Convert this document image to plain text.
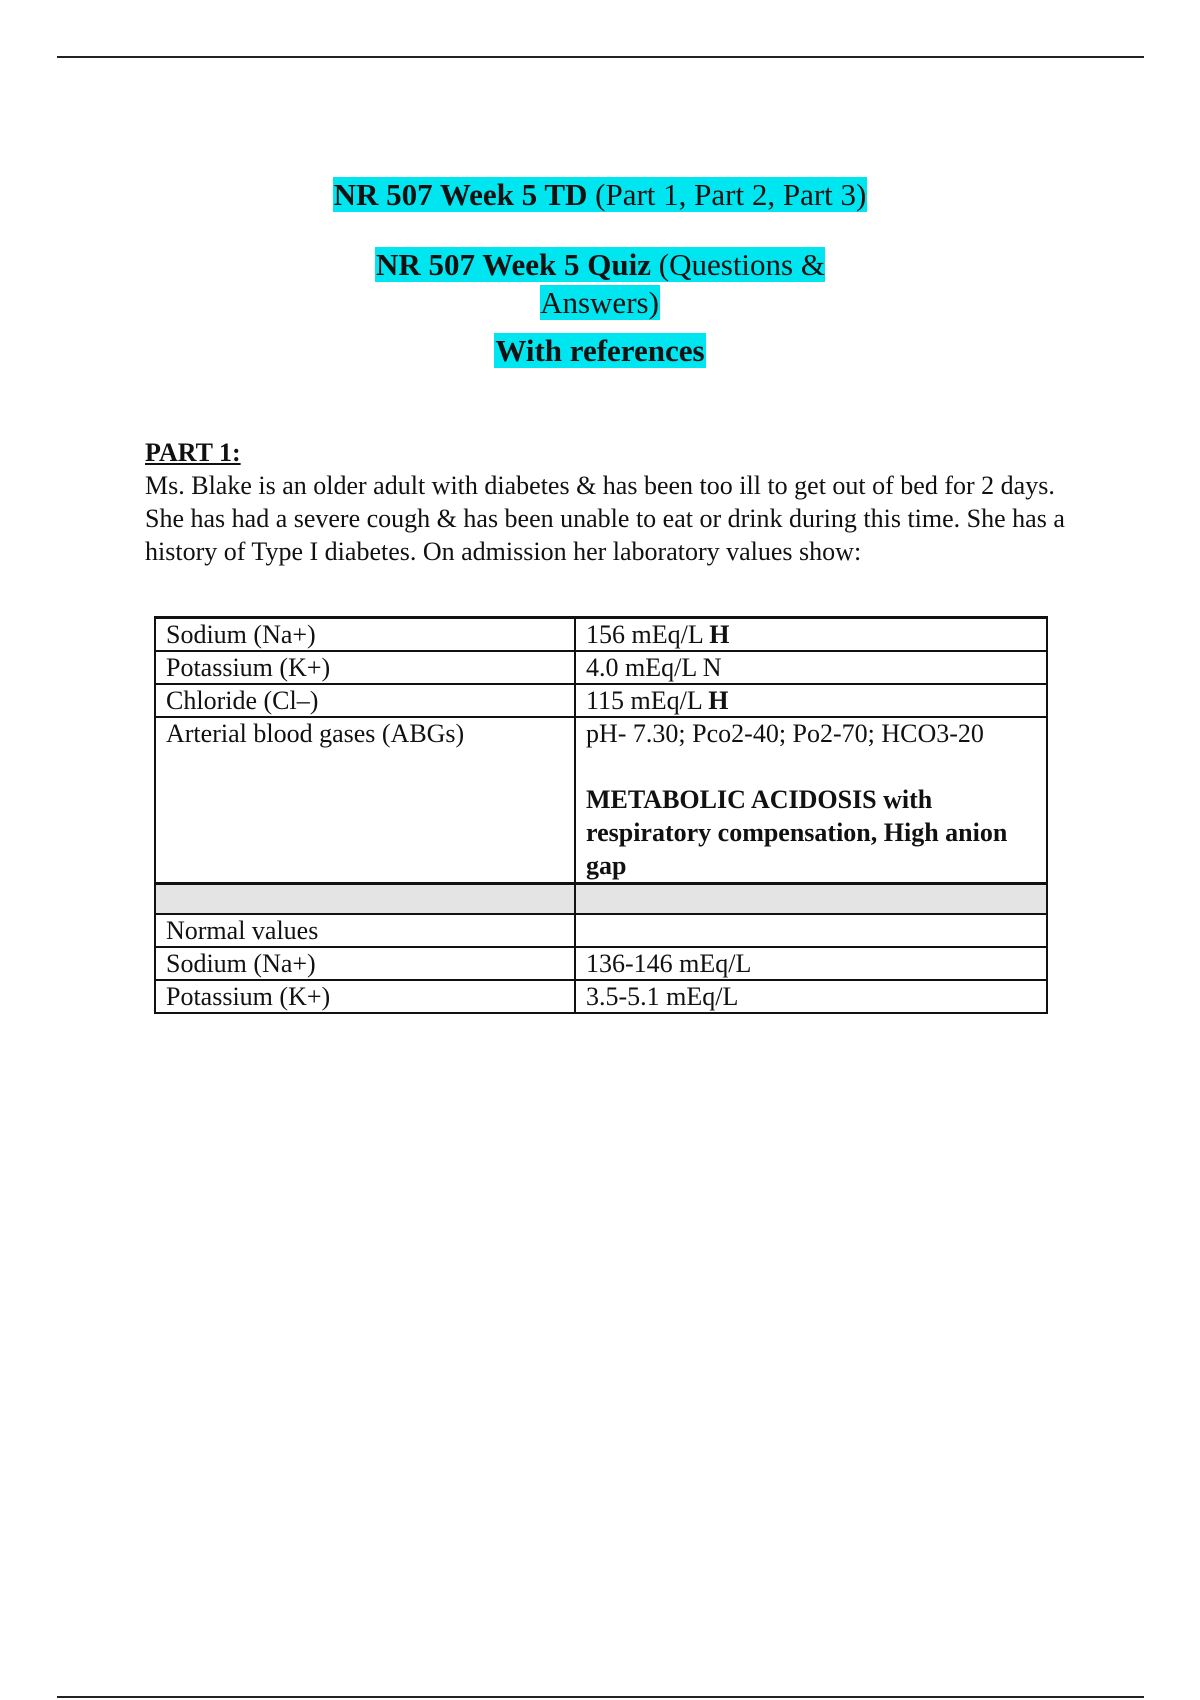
NR 507 Week 5 TD (Part 1, Part 2, Part 3)

NR 507 Week 5 Quiz (Questions & Answers)

With references

PART 1:

Ms. Blake is an older adult with diabetes & has been too ill to get out of bed for 2 days. She has had a severe cough & has been unable to eat or drink during this time. She has a history of Type I diabetes. On admission her laboratory values show:

Sodium (Na+)	156 mEq/L H
Potassium (K+)	4.0 mEq/L N
Chloride (Cl–)	115 mEq/L H
Arterial blood gases (ABGs)	pH- 7.30; Pco2-40; Po2-70; HCO3-20
METABOLIC ACIDOSIS with respiratory compensation, High anion gap

Normal values	
Sodium (Na+)	136-146 mEq/L
Potassium (K+)	3.5-5.1 mEq/L
